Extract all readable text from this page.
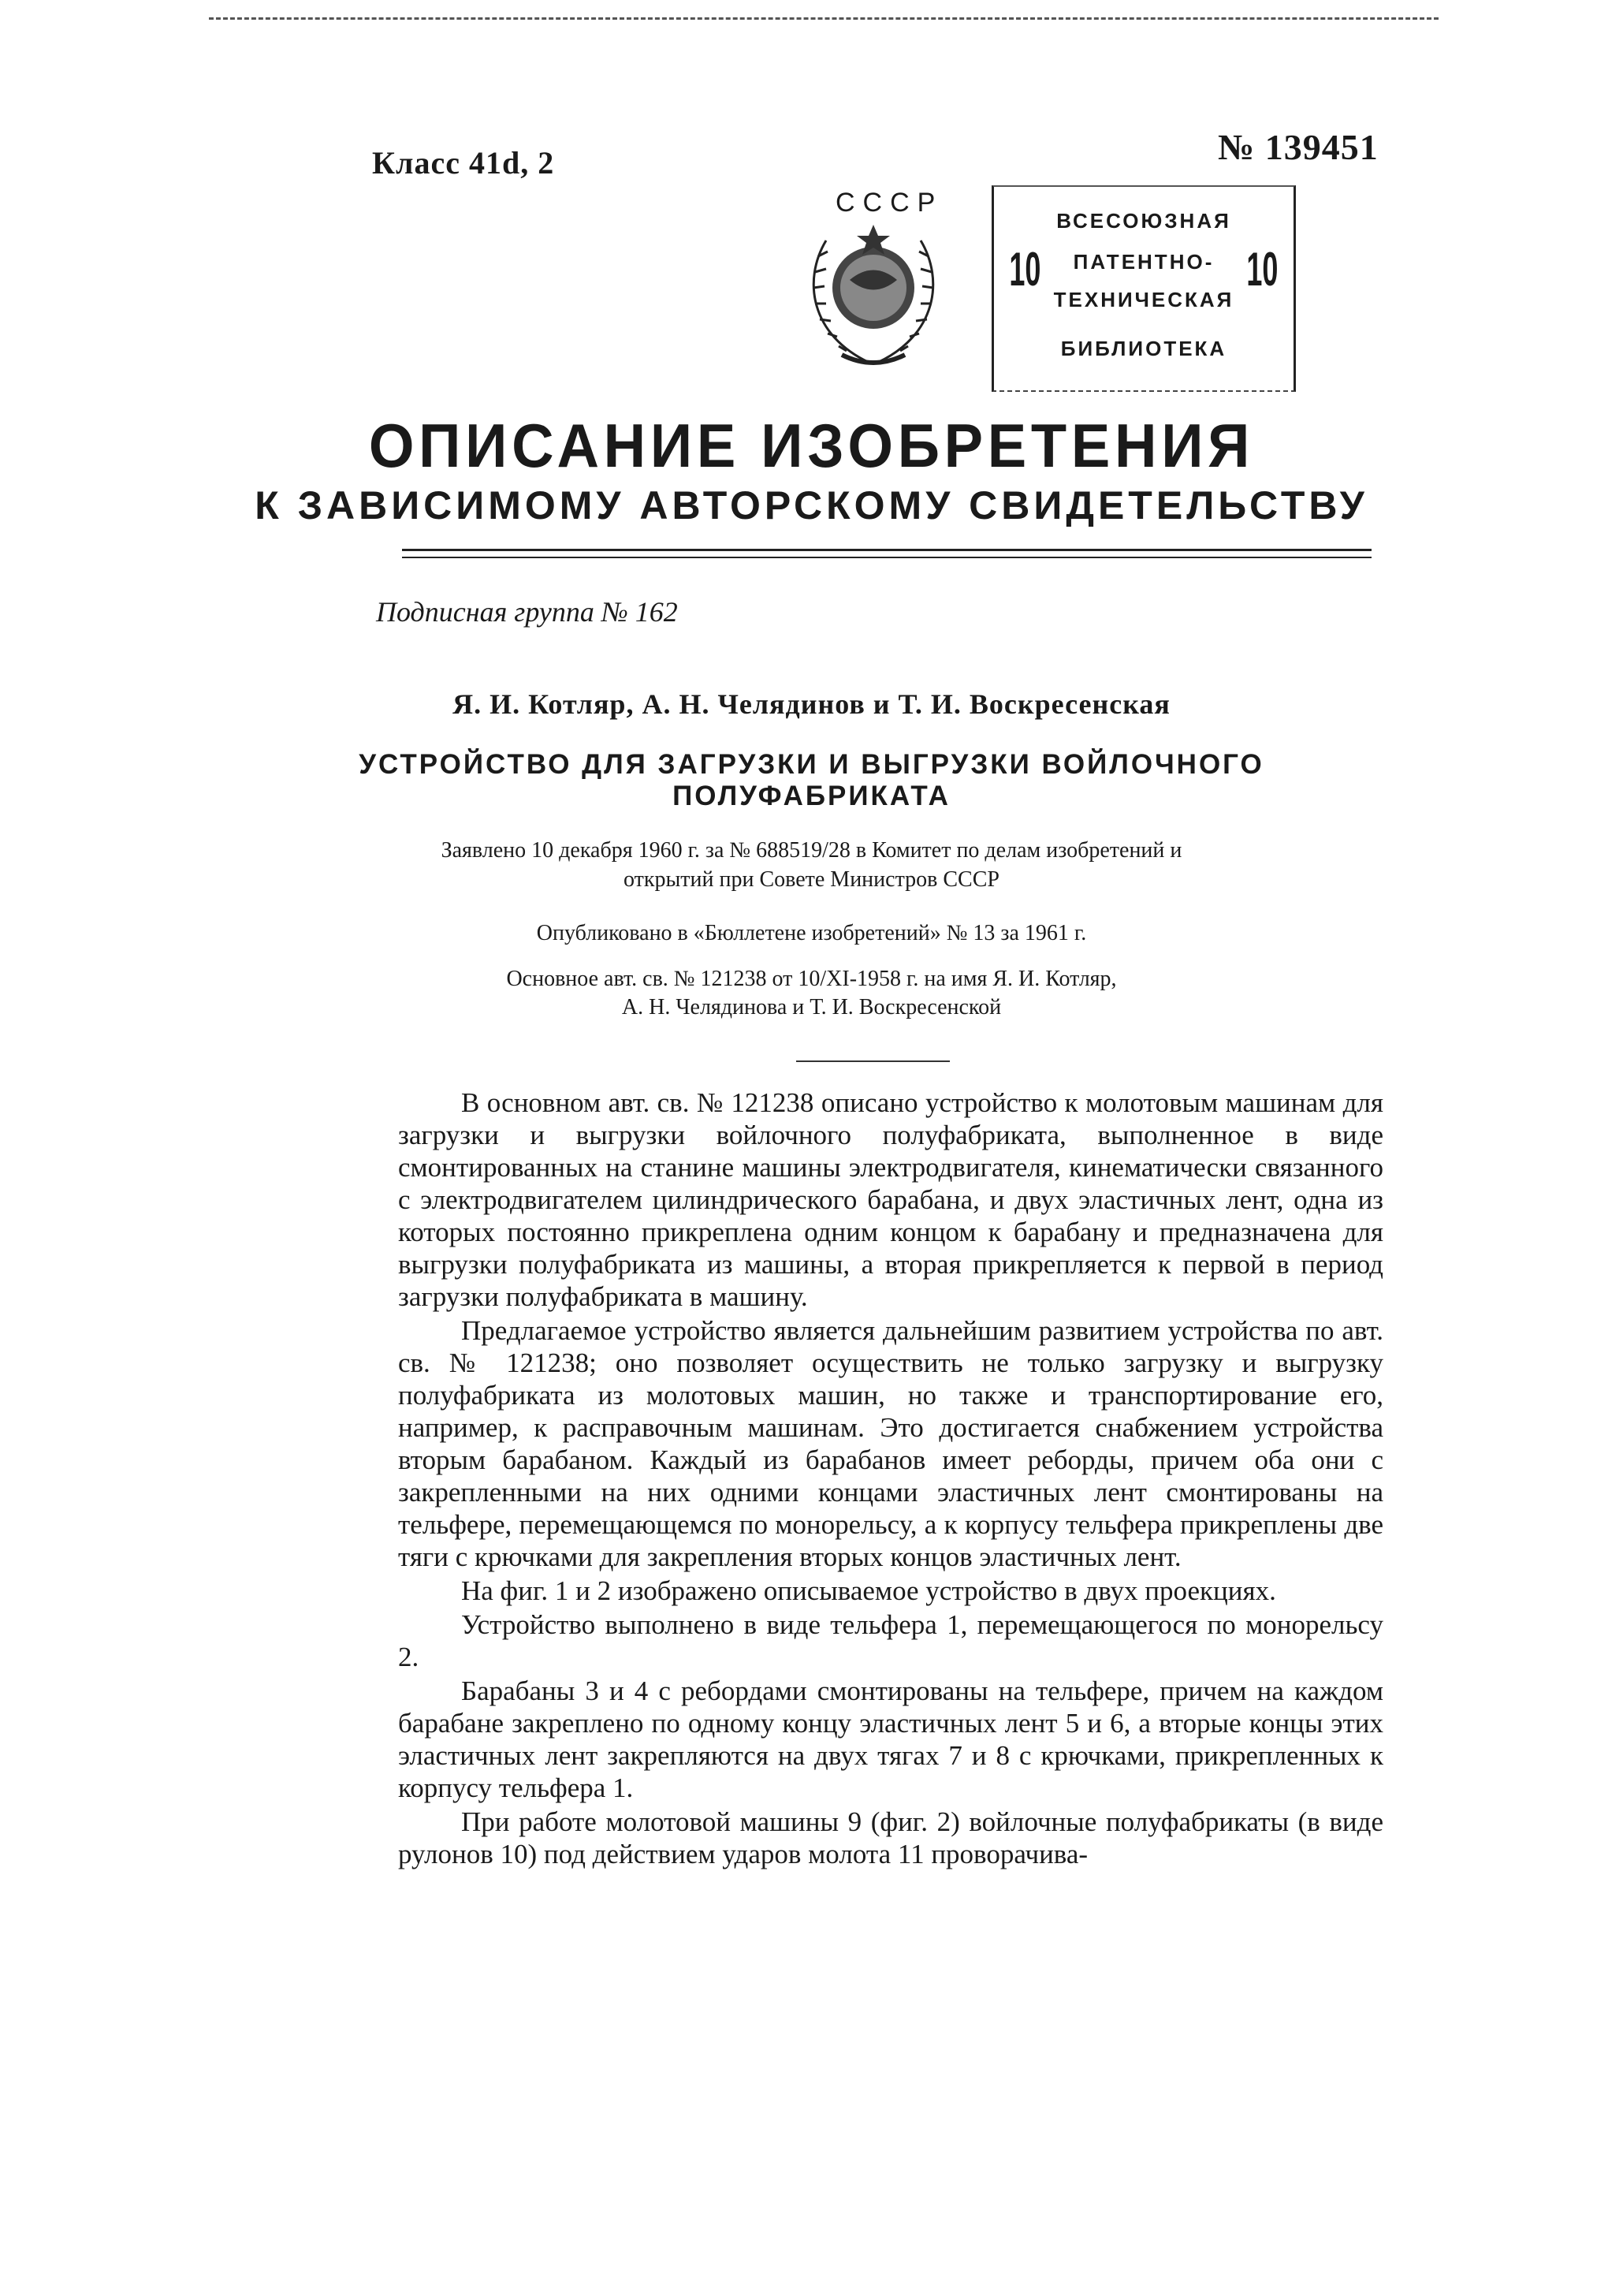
Класс 41d, 2	№ 139451
СССР
10	10
ВСЕСОЮЗНАЯ
ПАТЕНТНО-
ТЕХНИЧЕСКАЯ
БИБЛИОТЕКА
ОПИСАНИЕ ИЗОБРЕТЕНИЯ
К ЗАВИСИМОМУ АВТОРСКОМУ СВИДЕТЕЛЬСТВУ
Подписная группа № 162
Я. И. Котляр, А. Н. Челядинов и Т. И. Воскресенская
УСТРОЙСТВО ДЛЯ ЗАГРУЗКИ И ВЫГРУЗКИ ВОЙЛОЧНОГО
ПОЛУФАБРИКАТА
Заявлено 10 декабря 1960 г. за № 688519/28 в Комитет по делам изобретений и
открытий при Совете Министров СССР
Опубликовано в «Бюллетене изобретений» № 13 за 1961 г.
Основное авт. св. № 121238 от 10/XI-1958 г. на имя Я. И. Котляр,
А. Н. Челядинова и Т. И. Воскресенской

В основном авт. св. № 121238 описано устройство к молотовым машинам для загрузки и выгрузки войлочного полуфабриката, выполненное в виде смонтированных на станине машины электродвигателя, кинематически связанного с электродвигателем цилиндрического барабана, и двух эластичных лент, одна из которых постоянно прикреплена одним концом к барабану и предназначена для выгрузки полуфабриката из машины, а вторая прикрепляется к первой в период загрузки полуфабриката в машину.

Предлагаемое устройство является дальнейшим развитием устройства по авт. св. № 121238; оно позволяет осуществить не только загрузку и выгрузку полуфабриката из молотовых машин, но также и транспортирование его, например, к расправочным машинам. Это достигается снабжением устройства вторым барабаном. Каждый из барабанов имеет реборды, причем оба они с закрепленными на них одними концами эластичных лент смонтированы на тельфере, перемещающемся по монорельсу, а к корпусу тельфера прикреплены две тяги с крючками для закрепления вторых концов эластичных лент.

На фиг. 1 и 2 изображено описываемое устройство в двух проекциях.

Устройство выполнено в виде тельфера 1, перемещающегося по монорельсу 2.

Барабаны 3 и 4 с ребордами смонтированы на тельфере, причем на каждом барабане закреплено по одному концу эластичных лент 5 и 6, а вторые концы этих эластичных лент закрепляются на двух тягах 7 и 8 с крючками, прикрепленных к корпусу тельфера 1.

При работе молотовой машины 9 (фиг. 2) войлочные полуфабрикаты (в виде рулонов 10) под действием ударов молота 11 проворачива-
